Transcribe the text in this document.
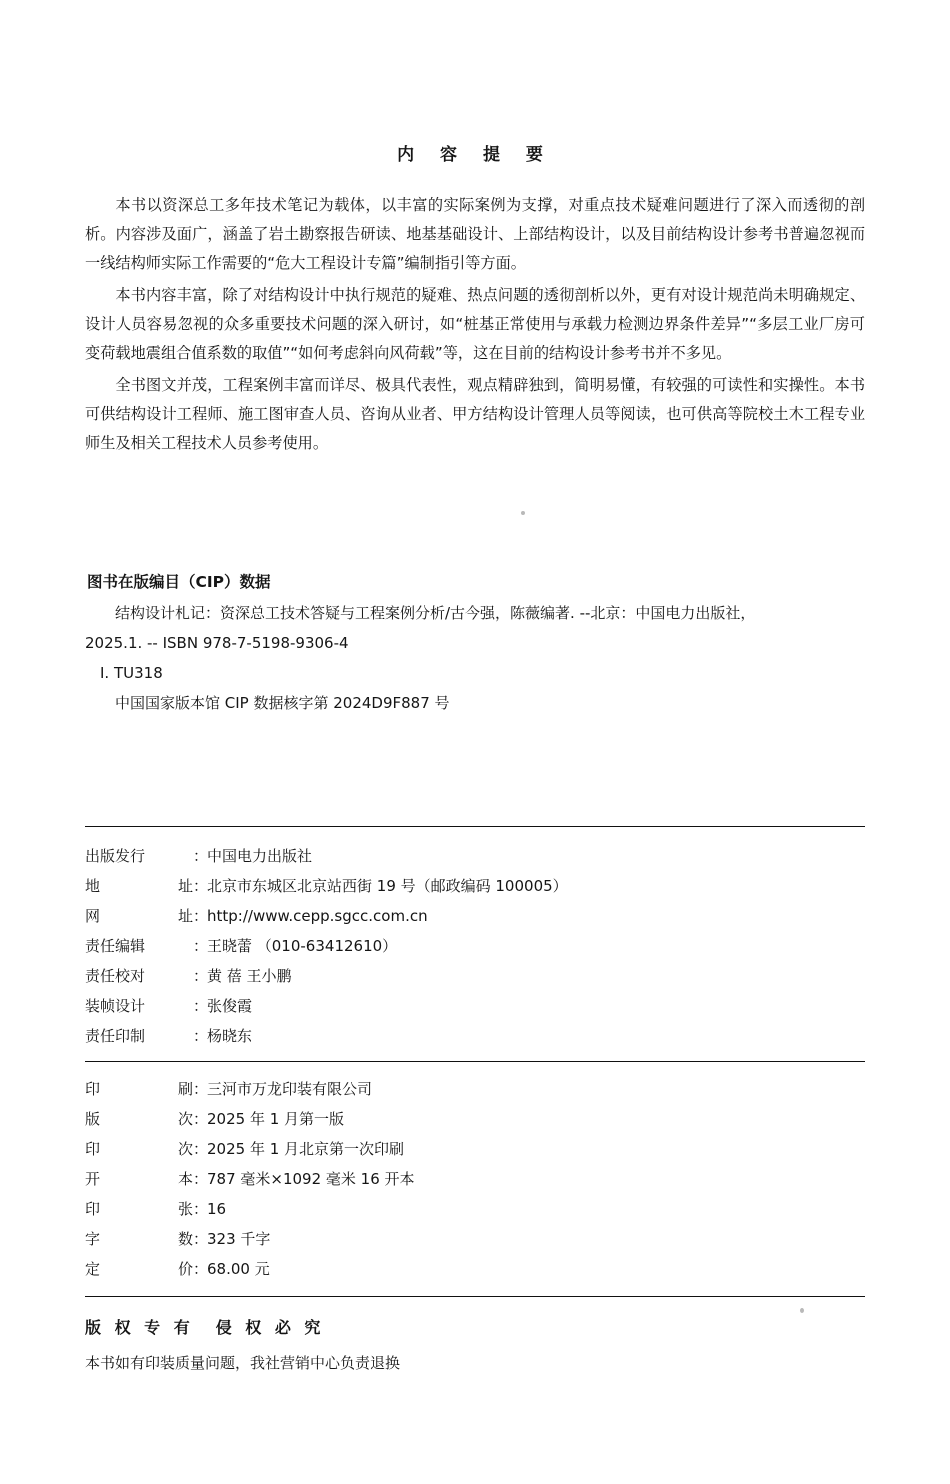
内 容 提 要

本书以资深总工多年技术笔记为载体，以丰富的实际案例为支撑，对重点技术疑难问题进行了深入而透彻的剖析。内容涉及面广，涵盖了岩土勘察报告研读、地基基础设计、上部结构设计，以及目前结构设计参考书普遍忽视而一线结构师实际工作需要的“危大工程设计专篇”编制指引等方面。

本书内容丰富，除了对结构设计中执行规范的疑难、热点问题的透彻剖析以外，更有对设计规范尚未明确规定、设计人员容易忽视的众多重要技术问题的深入研讨，如“桩基正常使用与承载力检测边界条件差异”“多层工业厂房可变荷载地震组合值系数的取值”“如何考虑斜向风荷载”等，这在目前的结构设计参考书并不多见。

全书图文并茂，工程案例丰富而详尽、极具代表性，观点精辟独到，简明易懂，有较强的可读性和实操性。本书可供结构设计工程师、施工图审查人员、咨询从业者、甲方结构设计管理人员等阅读，也可供高等院校土木工程专业师生及相关工程技术人员参考使用。

图书在版编目（CIP）数据

结构设计札记：资深总工技术答疑与工程案例分析/古今强，陈薇编著. --北京：中国电力出版社，

2025.1. -- ISBN 978-7-5198-9306-4

Ⅰ. TU318

中国国家版本馆 CIP 数据核字第 2024D9F887 号

出版发行	：
中国电力出版社
地	址 ：
北京市东城区北京站西街 19 号（邮政编码 100005）
网	址 ：
http://www.cepp.sgcc.com.cn
责任编辑	：
王晓蕾 （010-63412610）
责任校对	：
黄 蓓 王小鹏
装帧设计	：
张俊霞
责任印制	：
杨晓东
印	刷 ：
三河市万龙印装有限公司
版	次 ：
2025 年 1 月第一版
印	次 ：
2025 年 1 月北京第一次印刷
开	本 ：
787 毫米×1092 毫米 16 开本
印	张 ：
16
字	数 ：
323 千字
定	价 ：
68.00 元
版 权 专 有 侵 权 必 究

本书如有印装质量问题，我社营销中心负责退换
